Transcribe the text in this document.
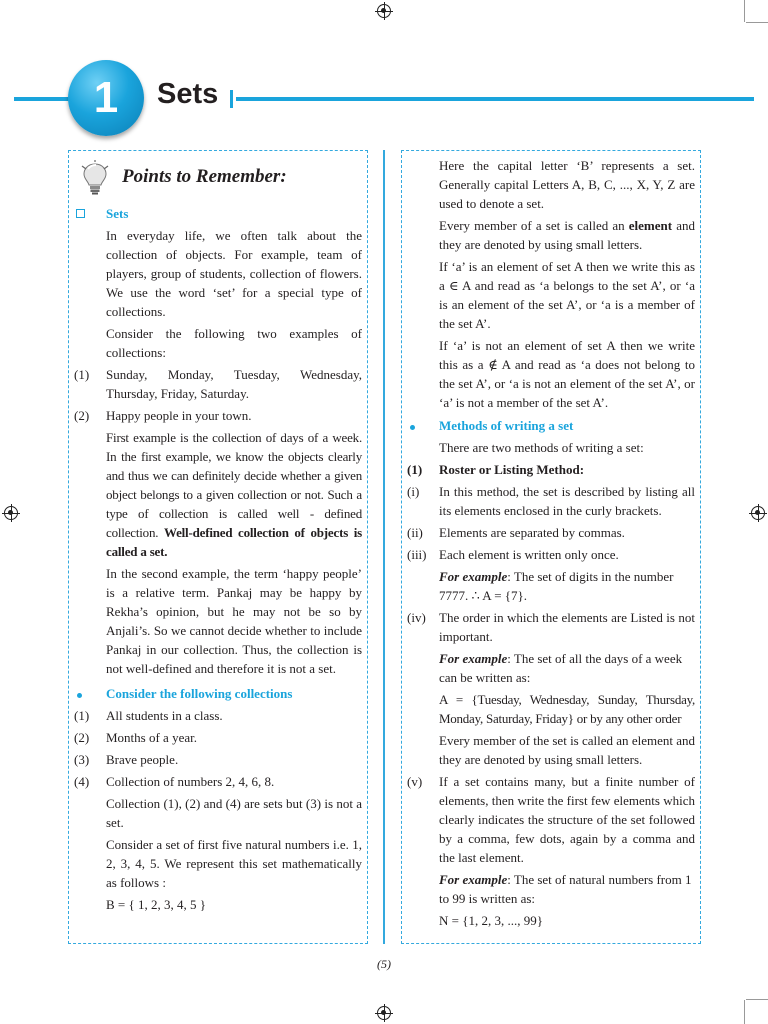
1 Sets
Points to Remember:
Sets

In everyday life, we often talk about the collection of objects. For example, team of players, group of students, collection of flowers. We use the word ‘set’ for a special type of collections.

Consider the following two examples of collections:

(1)	Sunday, Monday, Tuesday, Wednesday, Thursday, Friday, Saturday.
(2)	Happy people in your town.

First example is the collection of days of a week. In the first example, we know the objects clearly and thus we can definitely decide whether a given object belongs to a given collection or not. Such a type of collection is called well - defined collection. Well-defined collection of objects is called a set.

In the second example, the term ‘happy people’ is a relative term. Pankaj may be happy by Rekha’s opinion, but he may not be so by Anjali’s. So we cannot decide whether to include Pankaj in our collection. Thus, the collection is not well-defined and therefore it is not a set.

Consider the following collections
(1)	All students in a class.
(2)	Months of a year.
(3)	Brave people.
(4)	Collection of numbers 2, 4, 6, 8.

Collection (1), (2) and (4) are sets but (3) is not a set.

Consider a set of first five natural numbers i.e. 1, 2, 3, 4, 5. We represent this set mathematically as follows :

B = { 1, 2, 3, 4, 5 }

Here the capital letter ‘B’ represents a set. Generally capital Letters A, B, C, ..., X, Y, Z are used to denote a set.

Every member of a set is called an element and they are denoted by using small letters.

If ‘a’ is an element of set A then we write this as a ∈ A and read as ‘a belongs to the set A’, or ‘a is an element of the set A’, or ‘a is a member of the set A’.

If ‘a’ is not an element of set A then we write this as a ∉ A and read as ‘a does not belong to the set A’, or ‘a is not an element of the set A’, or ‘a’ is not a member of the set A’.

Methods of writing a set

There are two methods of writing a set:

(1)	Roster or Listing Method:
(i)	In this method, the set is described by listing all its elements enclosed in the curly brackets.
(ii)	Elements are separated by commas.
(iii) Each element is written only once.

For example: The set of digits in the number 7777. ∴ A = {7}.

(iv)	The order in which the elements are Listed is not important.

For example: The set of all the days of a week can be written as:

A = {Tuesday, Wednesday, Sunday, Thursday, Monday, Saturday, Friday} or by any other order

Every member of the set is called an element and they are denoted by using small letters.

(v)	If a set contains many, but a finite number of elements, then write the first few elements which clearly indicates the structure of the set followed by a comma, few dots, again by a comma and the last element.

For example: The set of natural numbers from 1 to 99 is written as:

N = {1, 2, 3, ..., 99}

(5)
